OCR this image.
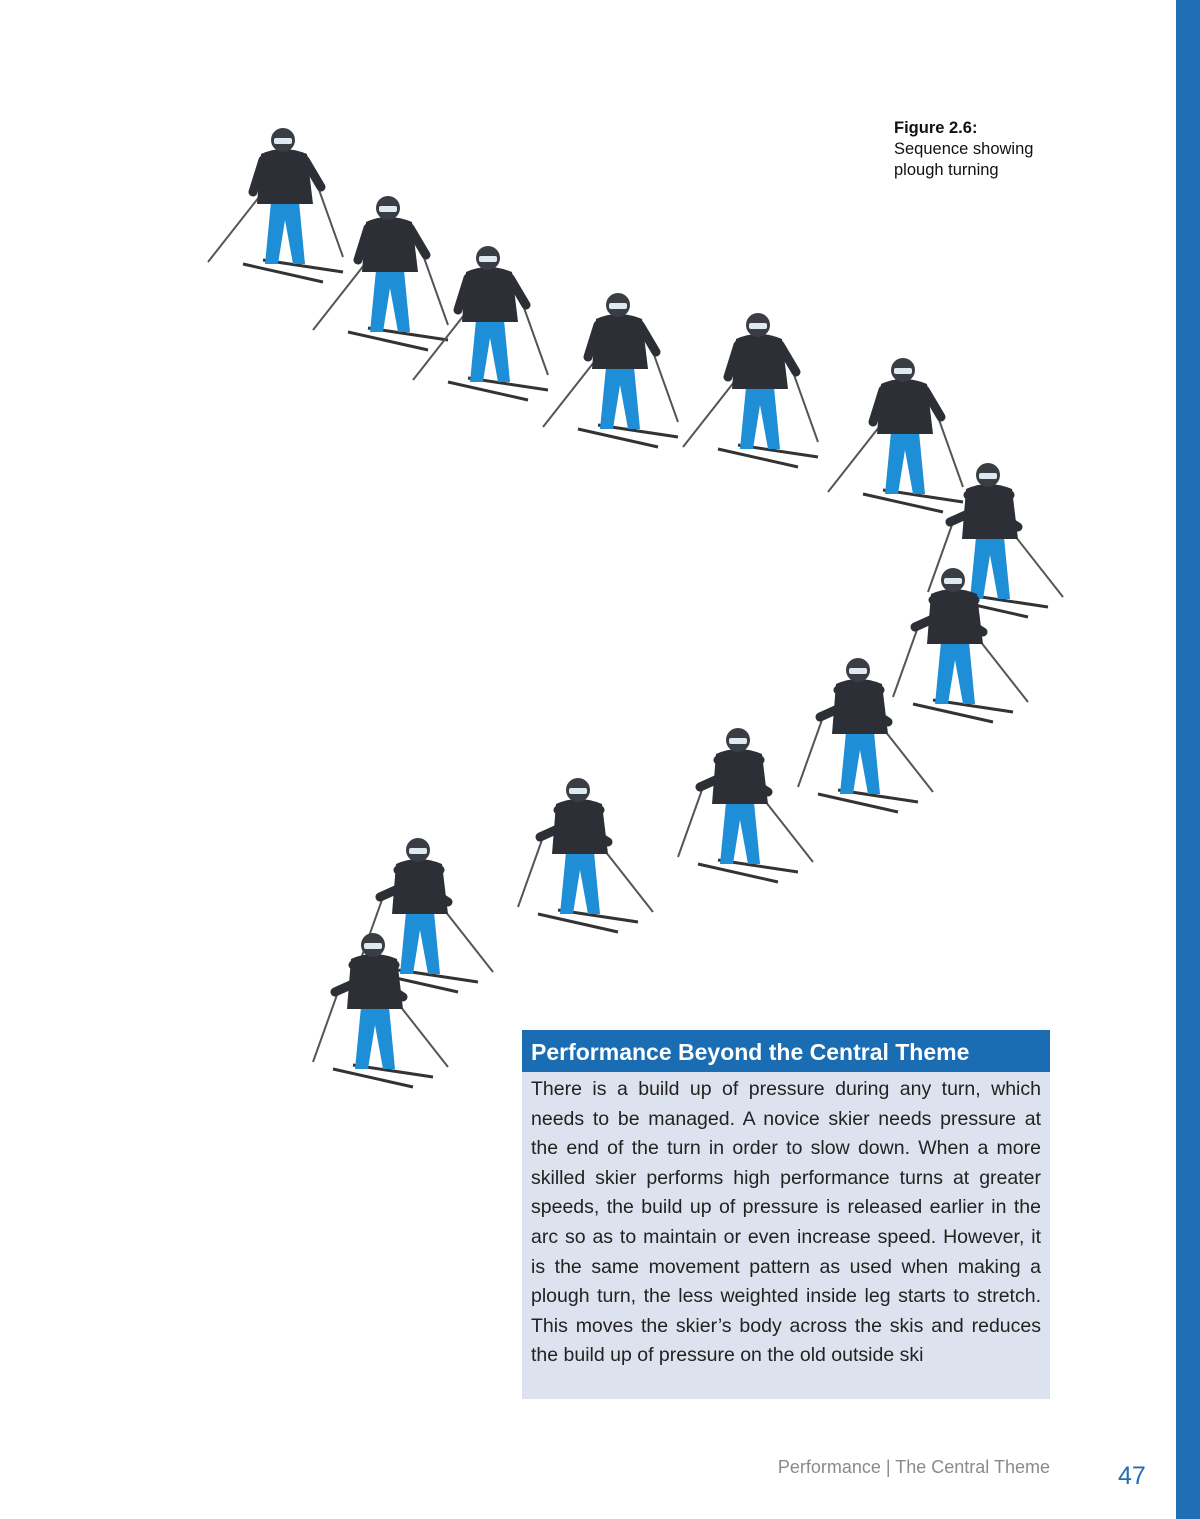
Figure 2.6:
Sequence showing plough turning
Performance Beyond the Central Theme
There is a build up of pressure during any turn, which needs to be managed. A novice skier needs pressure at the end of the turn in order to slow down. When a more skilled skier performs high performance turns at greater speeds, the build up of pressure is released earlier in the arc so as to maintain or even increase speed. However, it is the same movement pattern as used when making a plough turn, the less weighted inside leg starts to stretch. This moves the skier’s body across the skis and reduces the build up of pressure on the old outside ski
Performance | The Central Theme	47
